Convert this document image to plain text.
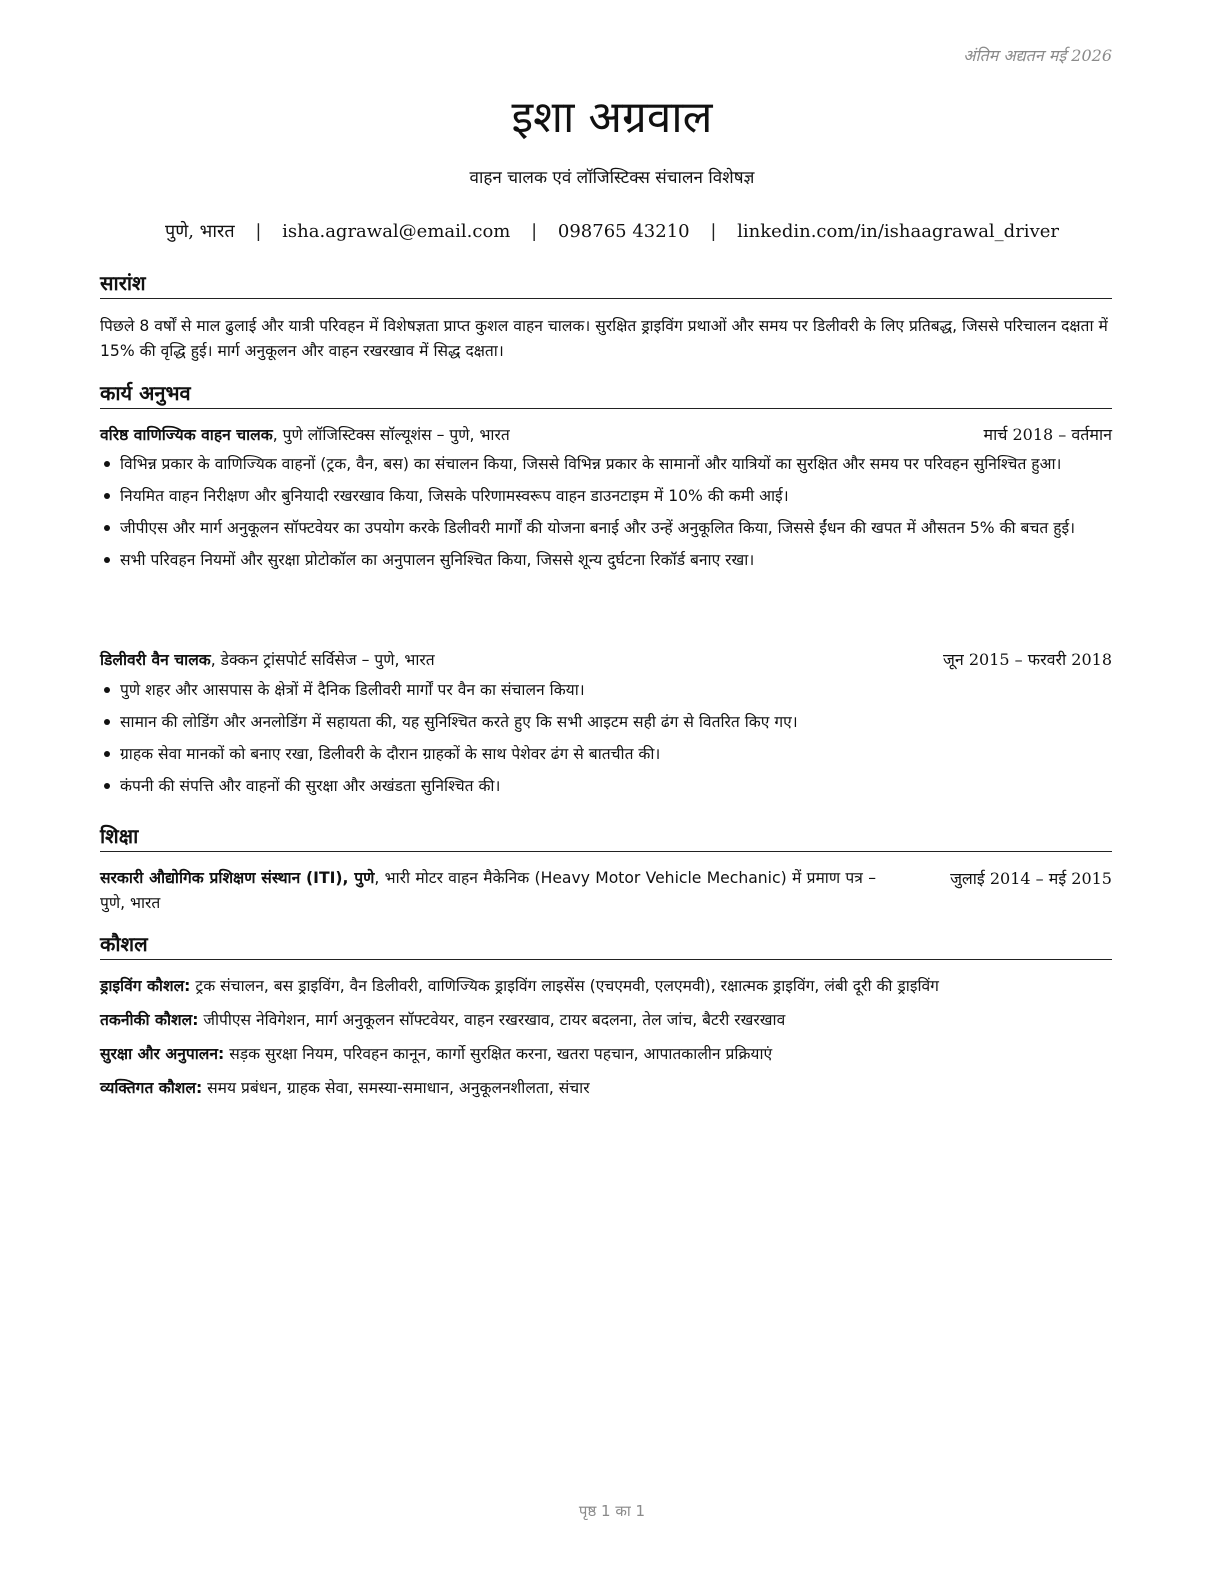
अंतिम अद्यतन मई 2026
इशा अग्रवाल
वाहन चालक एवं लॉजिस्टिक्स संचालन विशेषज्ञ
पुणे, भारत | isha.agrawal@email.com | 098765 43210 | linkedin.com/in/ishaagrawal_driver
सारांश
पिछले 8 वर्षों से माल ढुलाई और यात्री परिवहन में विशेषज्ञता प्राप्त कुशल वाहन चालक। सुरक्षित ड्राइविंग प्रथाओं और समय पर डिलीवरी के लिए प्रतिबद्ध, जिससे परिचालन दक्षता में 15% की वृद्धि हुई। मार्ग अनुकूलन और वाहन रखरखाव में सिद्ध दक्षता।
कार्य अनुभव
वरिष्ठ वाणिज्यिक वाहन चालक, पुणे लॉजिस्टिक्स सॉल्यूशंस – पुणे, भारत	मार्च 2018 – वर्तमान
विभिन्न प्रकार के वाणिज्यिक वाहनों (ट्रक, वैन, बस) का संचालन किया, जिससे विभिन्न प्रकार के सामानों और यात्रियों का सुरक्षित और समय पर परिवहन सुनिश्चित हुआ।
नियमित वाहन निरीक्षण और बुनियादी रखरखाव किया, जिसके परिणामस्वरूप वाहन डाउनटाइम में 10% की कमी आई।
जीपीएस और मार्ग अनुकूलन सॉफ्टवेयर का उपयोग करके डिलीवरी मार्गों की योजना बनाई और उन्हें अनुकूलित किया, जिससे ईंधन की खपत में औसतन 5% की बचत हुई।
सभी परिवहन नियमों और सुरक्षा प्रोटोकॉल का अनुपालन सुनिश्चित किया, जिससे शून्य दुर्घटना रिकॉर्ड बनाए रखा।
डिलीवरी वैन चालक, डेक्कन ट्रांसपोर्ट सर्विसेज – पुणे, भारत	जून 2015 – फरवरी 2018
पुणे शहर और आसपास के क्षेत्रों में दैनिक डिलीवरी मार्गों पर वैन का संचालन किया।
सामान की लोडिंग और अनलोडिंग में सहायता की, यह सुनिश्चित करते हुए कि सभी आइटम सही ढंग से वितरित किए गए।
ग्राहक सेवा मानकों को बनाए रखा, डिलीवरी के दौरान ग्राहकों के साथ पेशेवर ढंग से बातचीत की।
कंपनी की संपत्ति और वाहनों की सुरक्षा और अखंडता सुनिश्चित की।
शिक्षा
सरकारी औद्योगिक प्रशिक्षण संस्थान (ITI), पुणे, भारी मोटर वाहन मैकेनिक (Heavy Motor Vehicle Mechanic) में प्रमाण पत्र – पुणे, भारत
जुलाई 2014 – मई 2015
कौशल
ड्राइविंग कौशल: ट्रक संचालन, बस ड्राइविंग, वैन डिलीवरी, वाणिज्यिक ड्राइविंग लाइसेंस (एचएमवी, एलएमवी), रक्षात्मक ड्राइविंग, लंबी दूरी की ड्राइविंग
तकनीकी कौशल: जीपीएस नेविगेशन, मार्ग अनुकूलन सॉफ्टवेयर, वाहन रखरखाव, टायर बदलना, तेल जांच, बैटरी रखरखाव
सुरक्षा और अनुपालन: सड़क सुरक्षा नियम, परिवहन कानून, कार्गो सुरक्षित करना, खतरा पहचान, आपातकालीन प्रक्रियाएं
व्यक्तिगत कौशल: समय प्रबंधन, ग्राहक सेवा, समस्या-समाधान, अनुकूलनशीलता, संचार
पृष्ठ 1 का 1
